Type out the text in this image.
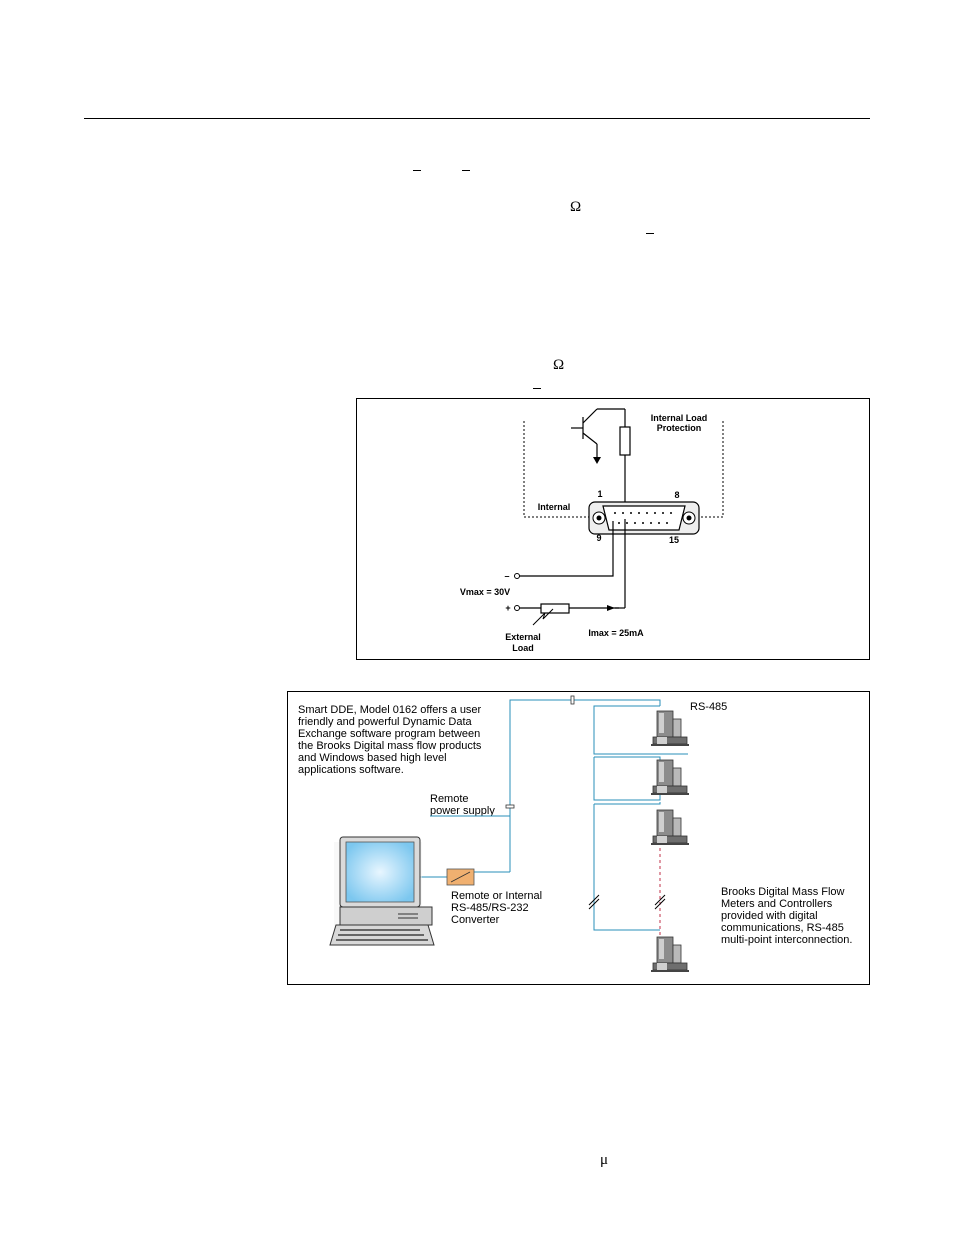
Ω
Ω
μ
Internal Load
Protection
Internal
1	8
9	15
–
+
Vmax = 30V
Imax = 25mA
External
Load
Smart DDE, Model 0162 offers a user
friendly and powerful Dynamic Data
Exchange software program between
the Brooks Digital mass flow products
and Windows based high level
applications software.
Remote
power supply
Remote or Internal
RS-485/RS-232
Converter
RS-485
Brooks Digital Mass Flow
Meters and Controllers
provided with digital
communications, RS-485
multi-point interconnection.
